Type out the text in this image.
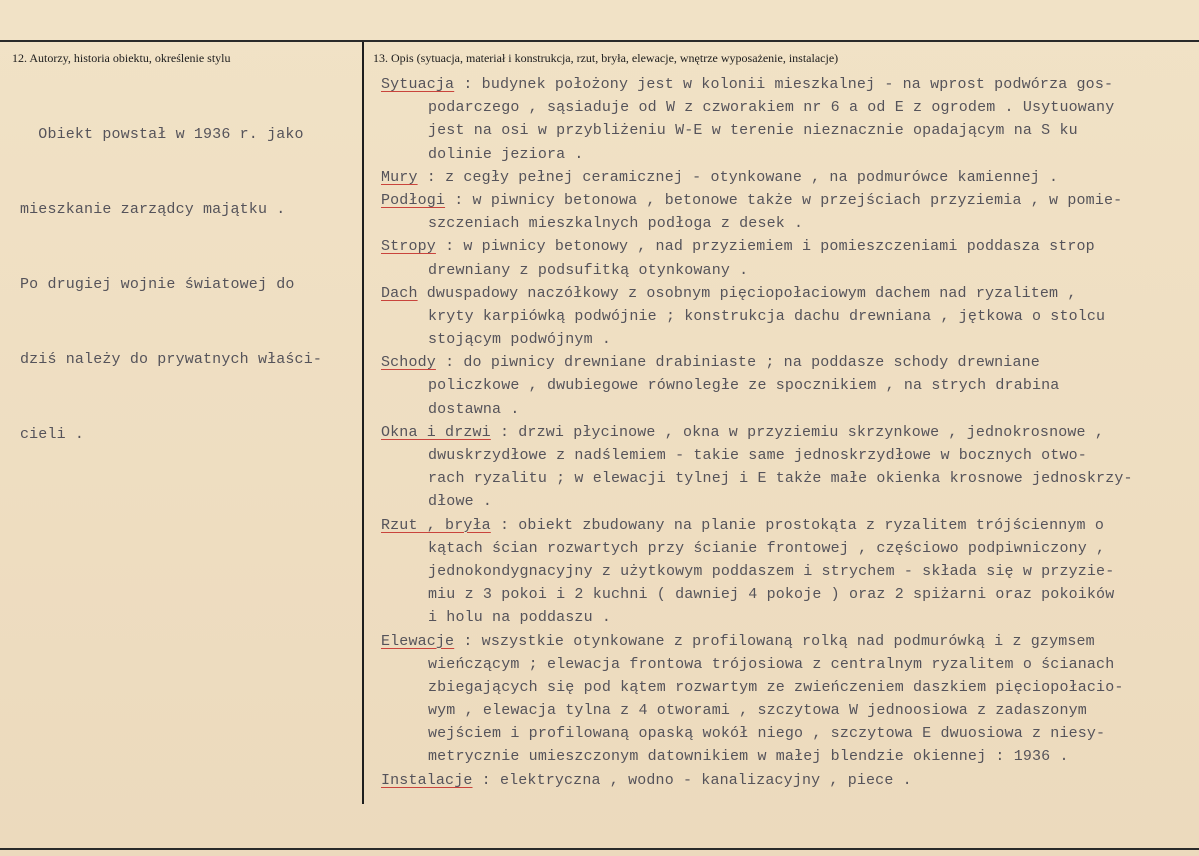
12. Autorzy, historia obiektu, określenie stylu	13. Opis (sytuacja, materiał i konstrukcja, rzut, bryła, elewacje, wnętrze wyposażenie, instalacje)

Obiekt powstał w 1936 r. jako

mieszkanie zarządcy majątku .

Po drugiej wojnie światowej do

dziś należy do prywatnych właści-

cieli .

Sytuacja : budynek położony jest w kolonii mieszkalnej - na wprost podwórza gos-
podarczego , sąsiaduje od W z czworakiem nr 6 a od E z ogrodem . Usytuowany
jest na osi w przybliżeniu W-E w terenie nieznacznie opadającym na S ku
dolinie jeziora .
Mury : z cegły pełnej ceramicznej - otynkowane , na podmurówce kamiennej .
Podłogi : w piwnicy betonowa , betonowe także w przejściach przyziemia , w pomie-
szczeniach mieszkalnych podłoga z desek .
Stropy : w piwnicy betonowy , nad przyziemiem i pomieszczeniami poddasza strop
drewniany z podsufitką otynkowany .
Dach dwuspadowy naczółkowy z osobnym pięciopołaciowym dachem nad ryzalitem ,
kryty karpiówką podwójnie ; konstrukcja dachu drewniana , jętkowa o stolcu
stojącym podwójnym .
Schody : do piwnicy drewniane drabiniaste ; na poddasze schody drewniane
policzkowe , dwubiegowe równoległe ze spocznikiem , na strych drabina
dostawna .
Okna i drzwi : drzwi płycinowe , okna w przyziemiu skrzynkowe , jednokrosnowe ,
dwuskrzydłowe z nadślemiem - takie same jednoskrzydłowe w bocznych otwo-
rach ryzalitu ; w elewacji tylnej i E także małe okienka krosnowe jednoskrzy-
dłowe .
Rzut , bryła : obiekt zbudowany na planie prostokąta z ryzalitem trójściennym o
kątach ścian rozwartych przy ścianie frontowej , częściowo podpiwniczony ,
jednokondygnacyjny z użytkowym poddaszem i strychem - składa się w przyzie-
miu z 3 pokoi i 2 kuchni ( dawniej 4 pokoje ) oraz 2 spiżarni oraz pokoików
i holu na poddaszu .
Elewacje : wszystkie otynkowane z profilowaną rolką nad podmurówką i z gzymsem
wieńczącym ; elewacja frontowa trójosiowa z centralnym ryzalitem o ścianach
zbiegających się pod kątem rozwartym ze zwieńczeniem daszkiem pięciopołacio-
wym , elewacja tylna z 4 otworami , szczytowa W jednoosiowa z zadaszonym
wejściem i profilowaną opaską wokół niego , szczytowa E dwuosiowa z niesy-
metrycznie umieszczonym datownikiem w małej blendzie okiennej : 1936 .
Instalacje : elektryczna , wodno - kanalizacyjny , piece .
